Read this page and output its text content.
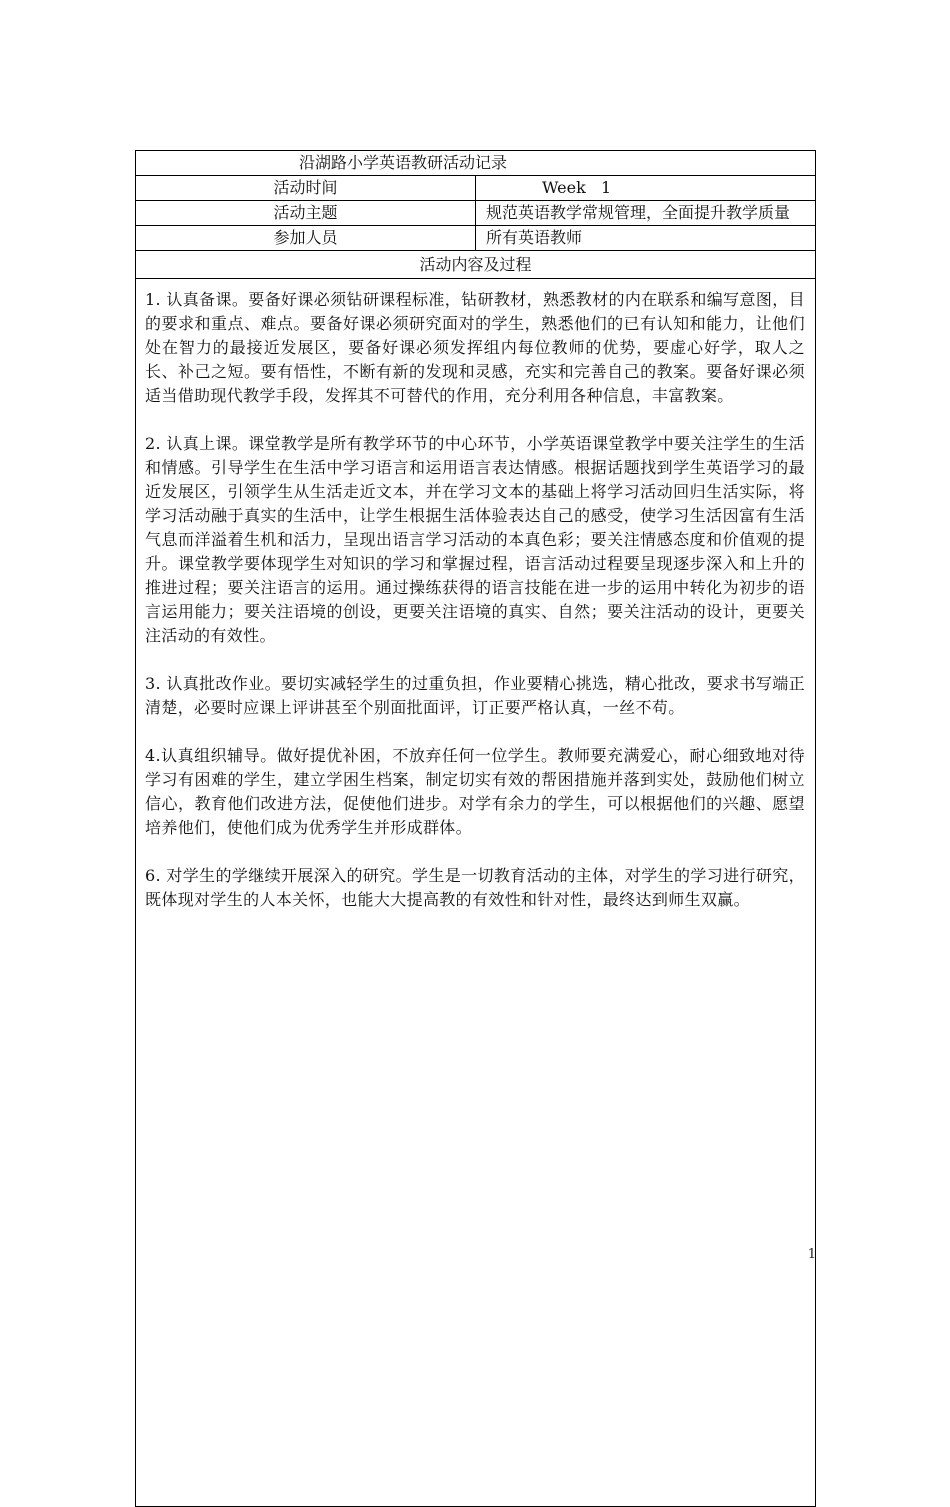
沿湖路小学英语教研活动记录	
活动时间	Week   1
活动主题	规范英语教学常规管理，全面提升教学质量
参加人员	所有英语教师
活动内容及过程	

1. 认真备课。要备好课必须钻研课程标准，钻研教材，熟悉教材的内在联系和编写意图，目的要求和重点、难点。要备好课必须研究面对的学生，熟悉他们的已有认知和能力，让他们处在智力的最接近发展区，要备好课必须发挥组内每位教师的优势，要虚心好学，取人之长、补己之短。要有悟性，不断有新的发现和灵感，充实和完善自己的教案。要备好课必须适当借助现代教学手段，发挥其不可替代的作用，充分利用各种信息，丰富教案。

2. 认真上课。课堂教学是所有教学环节的中心环节，小学英语课堂教学中要关注学生的生活和情感。引导学生在生活中学习语言和运用语言表达情感。根据话题找到学生英语学习的最近发展区，引领学生从生活走近文本，并在学习文本的基础上将学习活动回归生活实际，将学习活动融于真实的生活中，让学生根据生活体验表达自己的感受，使学习生活因富有生活气息而洋溢着生机和活力，呈现出语言学习活动的本真色彩；要关注情感态度和价值观的提升。课堂教学要体现学生对知识的学习和掌握过程，语言活动过程要呈现逐步深入和上升的推进过程；要关注语言的运用。通过操练获得的语言技能在进一步的运用中转化为初步的语言运用能力；要关注语境的创设，更要关注语境的真实、自然；要关注活动的设计，更要关注活动的有效性。

3. 认真批改作业。要切实减轻学生的过重负担，作业要精心挑选，精心批改，要求书写端正清楚，必要时应课上评讲甚至个别面批面评，订正要严格认真，一丝不苟。

4.认真组织辅导。做好提优补困，不放弃任何一位学生。教师要充满爱心，耐心细致地对待学习有困难的学生，建立学困生档案，制定切实有效的帮困措施并落到实处，鼓励他们树立信心，教育他们改进方法，促使他们进步。对学有余力的学生，可以根据他们的兴趣、愿望培养他们，使他们成为优秀学生并形成群体。

6. 对学生的学继续开展深入的研究。学生是一切教育活动的主体，对学生的学习进行研究，既体现对学生的人本关怀，也能大大提高教的有效性和针对性，最终达到师生双赢。	

1
